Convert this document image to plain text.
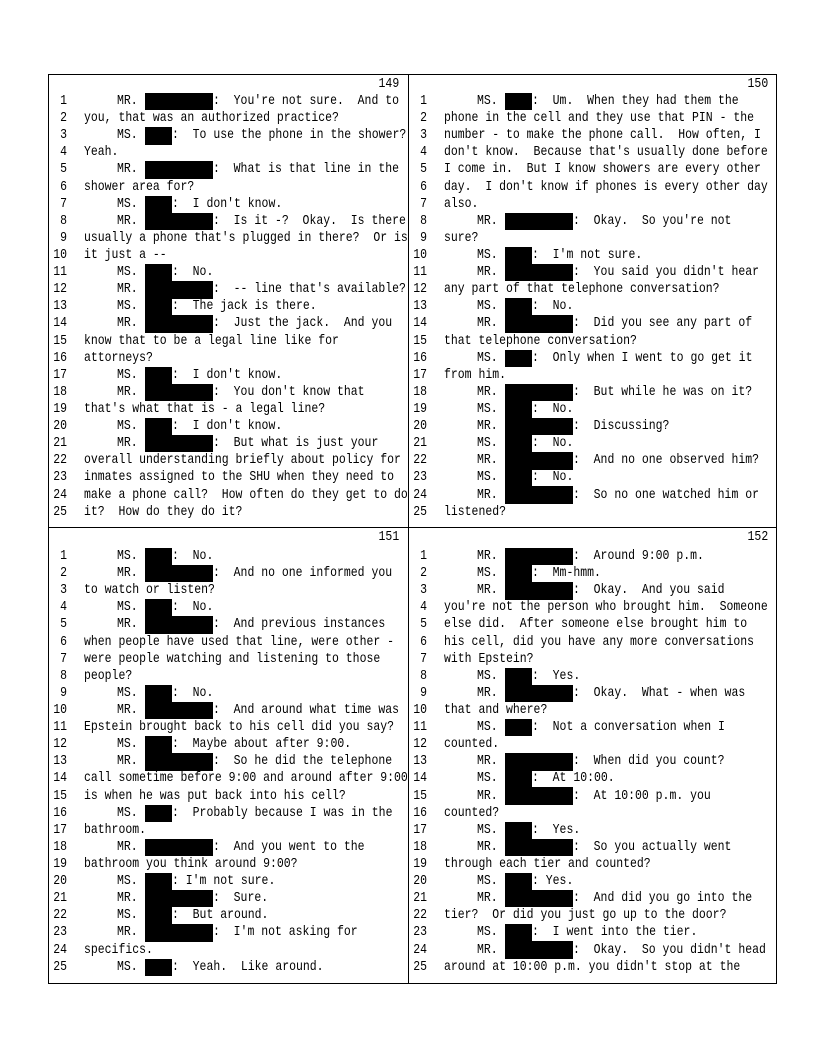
149
1	MR.	:  You're not sure.  And to
2 you, that was an authorized practice?
3	MS. :  To use the phone in the shower?
4 Yeah.
5	MR.	:  What is that line in the
6 shower area for?
7	MS. :  I don't know.
8	MR.	:  Is it -?  Okay.  Is there
9 usually a phone that's plugged in there?  Or is
10 it just a --
11	MS. :  No.
12	MR.	:  -- line that's available?
13	MS. :  The jack is there.
14	MR.	:  Just the jack.  And you
15 know that to be a legal line like for
16 attorneys?
17	MS. :  I don't know.
18	MR.	:  You don't know that
19 that's what that is - a legal line?
20	MS. :  I don't know.
21	MR.	:  But what is just your
22 overall understanding briefly about policy for
23 inmates assigned to the SHU when they need to
24 make a phone call?  How often do they get to do
25 it?  How do they do it?
150
1	MS. :  Um.  When they had them the
2 phone in the cell and they use that PIN - the
3 number - to make the phone call.  How often, I
4 don't know.  Because that's usually done before
5 I come in.  But I know showers are every other
6 day.  I don't know if phones is every other day
7 also.
8	MR.	:  Okay.  So you're not
9 sure?
10	MS. :  I'm not sure.
11	MR.	:  You said you didn't hear
12 any part of that telephone conversation?
13	MS. :  No.
14	MR.	:  Did you see any part of
15 that telephone conversation?
16	MS. :  Only when I went to go get it
17 from him.
18	MR.	:  But while he was on it?
19	MS. :  No.
20	MR.	:  Discussing?
21	MS. :  No.
22	MR.	:  And no one observed him?
23	MS. :  No.
24	MR.	:  So no one watched him or
25 listened?
151
1	MS. :  No.
2	MR.	:  And no one informed you
3 to watch or listen?
4	MS. :  No.
5	MR.	:  And previous instances
6 when people have used that line, were other -
7 were people watching and listening to those
8 people?
9	MS. :  No.
10	MR.	:  And around what time was
11 Epstein brought back to his cell did you say?
12	MS. :  Maybe about after 9:00.
13	MR.	:  So he did the telephone
14 call sometime before 9:00 and around after 9:00
15 is when he was put back into his cell?
16	MS. :  Probably because I was in the
17 bathroom.
18	MR.	:  And you went to the
19 bathroom you think around 9:00?
20	MS. : I'm not sure.
21	MR.	:  Sure.
22	MS. :  But around.
23	MR.	:  I'm not asking for
24 specifics.
25	MS. :  Yeah.  Like around.
152
1	MR.	:  Around 9:00 p.m.
2	MS. :  Mm-hmm.
3	MR.	:  Okay.  And you said
4 you're not the person who brought him.  Someone
5 else did.  After someone else brought him to
6 his cell, did you have any more conversations
7 with Epstein?
8	MS. :  Yes.
9	MR.	:  Okay.  What - when was
10 that and where?
11	MS. :  Not a conversation when I
12 counted.
13	MR.	:  When did you count?
14	MS. :  At 10:00.
15	MR.	:  At 10:00 p.m. you
16 counted?
17	MS. :  Yes.
18	MR.	:  So you actually went
19 through each tier and counted?
20	MS. : Yes.
21	MR.	:  And did you go into the
22 tier?  Or did you just go up to the door?
23	MS. :  I went into the tier.
24	MR.	:  Okay.  So you didn't head
25 around at 10:00 p.m. you didn't stop at the
